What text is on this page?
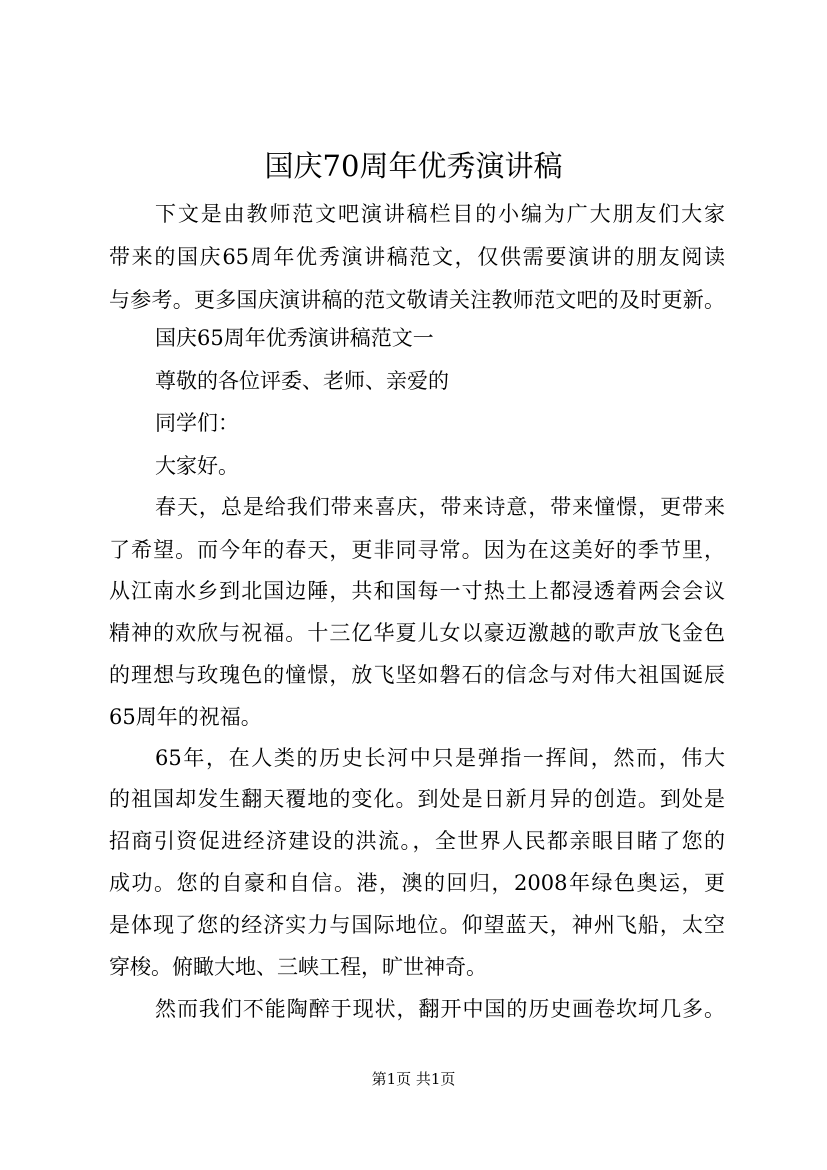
国庆70周年优秀演讲稿

下文是由教师范文吧演讲稿栏目的小编为广大朋友们大家

带来的国庆65周年优秀演讲稿范文，仅供需要演讲的朋友阅读

与参考。更多国庆演讲稿的范文敬请关注教师范文吧的及时更新。

国庆65周年优秀演讲稿范文一

尊敬的各位评委、老师、亲爱的

同学们：

大家好。

春天，总是给我们带来喜庆，带来诗意，带来憧憬，更带来

了希望。而今年的春天，更非同寻常。因为在这美好的季节里，

从江南水乡到北国边陲，共和国每一寸热土上都浸透着两会会议

精神的欢欣与祝福。十三亿华夏儿女以豪迈激越的歌声放飞金色

的理想与玫瑰色的憧憬，放飞坚如磐石的信念与对伟大祖国诞辰

65周年的祝福。

65年，在人类的历史长河中只是弹指一挥间，然而，伟大

的祖国却发生翻天覆地的变化。到处是日新月异的创造。到处是

招商引资促进经济建设的洪流。，全世界人民都亲眼目睹了您的

成功。您的自豪和自信。港，澳的回归，2008年绿色奥运，更

是体现了您的经济实力与国际地位。仰望蓝天，神州飞船，太空

穿梭。俯瞰大地、三峡工程，旷世神奇。

然而我们不能陶醉于现状，翻开中国的历史画卷坎坷几多。

第1页 共1页
